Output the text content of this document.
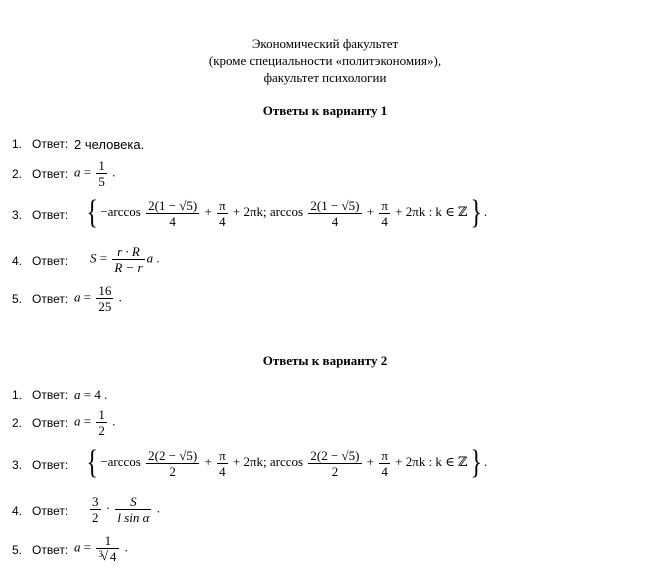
Экономический факультет
(кроме специальности «политэкономия»),
факультет психологии
Ответы к варианту 1
1. Ответ: 2 человека.
2. Ответ: $a = \frac{1}{5}$ .
3. Ответ: { $-\arccos \frac{2(1 - √5)}{4} + \frac{\pi}{4} + 2\pi k$; $\arccos \frac{2(1 - √5)}{4} + \frac{\pi}{4} + 2\pi k$ : k ∈ ℤ} .
4. Ответ: $S = \frac{r \cdot R}{R - r}$ a .
5. Ответ: $a = \frac{16}{25}$ .
Ответы к варианту 2
1. Ответ: a = 4 .
2. Ответ: $a = \frac{1}{2}$ .
3. Ответ: { $-\arccos \frac{2(2 - √5)}{2} + \frac{\pi}{4} + 2\pi k$; $\arccos \frac{2(2 - √5)}{2} + \frac{\pi}{4} + 2\pi k$ : k ∈ ℤ} .
4. Ответ: $\frac{3}{2} \cdot \frac{S}{\text{l sin α}}$ .
5. Ответ: $a = \frac{1}{^3√ 4}$ .
